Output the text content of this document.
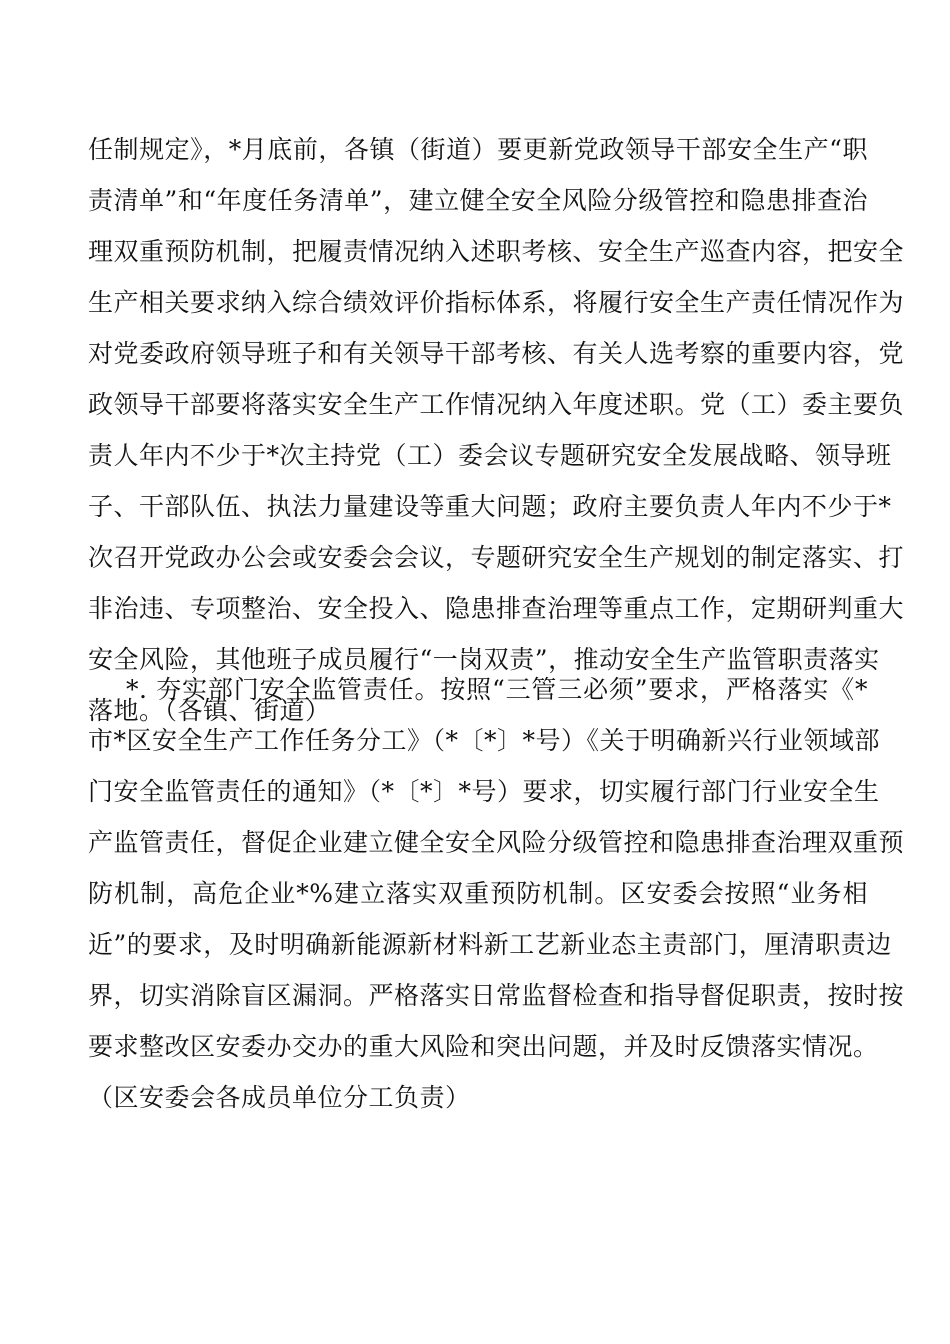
任制规定》，*月底前，各镇（街道）要更新党政领导干部安全生产“职
责清单”和“年度任务清单”，建立健全安全风险分级管控和隐患排查治
理双重预防机制，把履责情况纳入述职考核、安全生产巡查内容，把安全
生产相关要求纳入综合绩效评价指标体系，将履行安全生产责任情况作为
对党委政府领导班子和有关领导干部考核、有关人选考察的重要内容，党
政领导干部要将落实安全生产工作情况纳入年度述职。党（工）委主要负
责人年内不少于*次主持党（工）委会议专题研究安全发展战略、领导班
子、干部队伍、执法力量建设等重大问题；政府主要负责人年内不少于*
次召开党政办公会或安委会会议，专题研究安全生产规划的制定落实、打
非治违、专项整治、安全投入、隐患排查治理等重点工作，定期研判重大
安全风险，其他班子成员履行“一岗双责”，推动安全生产监管职责落实
落地。（各镇、街道）
*. 夯实部门安全监管责任。按照“三管三必须”要求，严格落实《*
市*区安全生产工作任务分工》（*〔*〕*号）《关于明确新兴行业领域部
门安全监管责任的通知》（*〔*〕*号）要求，切实履行部门行业安全生
产监管责任，督促企业建立健全安全风险分级管控和隐患排查治理双重预
防机制，高危企业*%建立落实双重预防机制。区安委会按照“业务相
近”的要求，及时明确新能源新材料新工艺新业态主责部门，厘清职责边
界，切实消除盲区漏洞。严格落实日常监督检查和指导督促职责，按时按
要求整改区安委办交办的重大风险和突出问题，并及时反馈落实情况。
（区安委会各成员单位分工负责）
